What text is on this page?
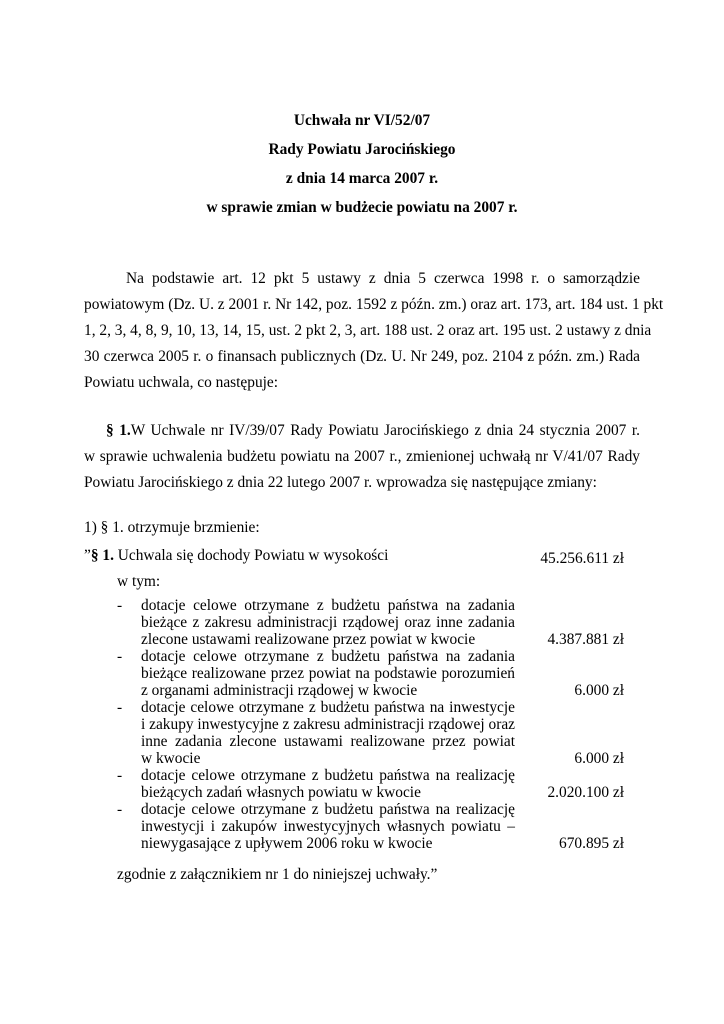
Uchwała nr VI/52/07
Rady Powiatu Jarocińskiego
z dnia 14 marca 2007 r.
w sprawie zmian w budżecie powiatu na 2007 r.
Na podstawie art. 12 pkt 5 ustawy z dnia 5 czerwca 1998 r. o samorządzie
powiatowym (Dz. U. z 2001 r. Nr 142, poz. 1592 z późn. zm.) oraz art. 173, art. 184 ust. 1 pkt
1, 2, 3, 4, 8, 9, 10, 13, 14, 15, ust. 2 pkt 2, 3, art. 188 ust. 2 oraz art. 195 ust. 2 ustawy z dnia
30 czerwca 2005 r. o finansach publicznych (Dz. U. Nr 249, poz. 2104 z późn. zm.) Rada
Powiatu uchwala, co następuje:
§ 1.W Uchwale nr IV/39/07 Rady Powiatu Jarocińskiego z dnia 24 stycznia 2007 r.
w sprawie uchwalenia budżetu powiatu na 2007 r., zmienionej uchwałą nr V/41/07 Rady
Powiatu Jarocińskiego z dnia 22 lutego 2007 r. wprowadza się następujące zmiany:
1) § 1. otrzymuje brzmienie:
”§ 1. Uchwala się dochody Powiatu w wysokości	45.256.611 zł
w tym:
- dotacje celowe otrzymane z budżetu państwa na zadania
bieżące z zakresu administracji rządowej oraz inne zadania
zlecone ustawami realizowane przez powiat w kwocie
- dotacje celowe otrzymane z budżetu państwa na zadania
bieżące realizowane przez powiat na podstawie porozumień
z organami administracji rządowej w kwocie
- dotacje celowe otrzymane z budżetu państwa na inwestycje
i zakupy inwestycyjne z zakresu administracji rządowej oraz
inne zadania zlecone ustawami realizowane przez powiat
w kwocie
- dotacje celowe otrzymane z budżetu państwa na realizację
bieżących zadań własnych powiatu w kwocie
- dotacje celowe otrzymane z budżetu państwa na realizację
inwestycji i zakupów inwestycyjnych własnych powiatu –
niewygasające z upływem 2006 roku w kwocie
4.387.881 zł
6.000 zł
6.000 zł
2.020.100 zł
670.895 zł
zgodnie z załącznikiem nr 1 do niniejszej uchwały.”
